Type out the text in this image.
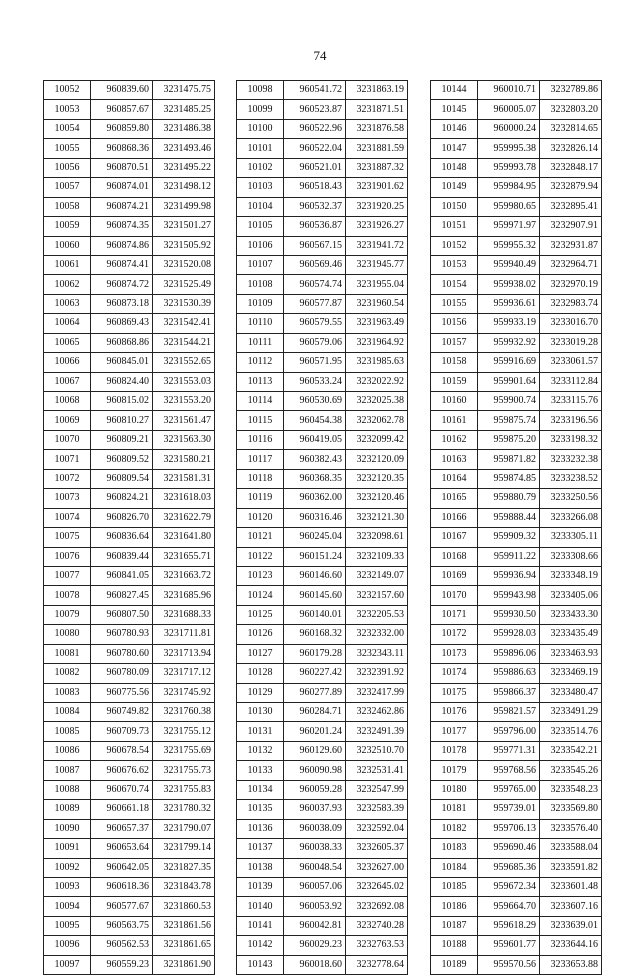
74
10052	960839.60	3231475.75
10053	960857.67	3231485.25
10054	960859.80	3231486.38
10055	960868.36	3231493.46
10056	960870.51	3231495.22
10057	960874.01	3231498.12
10058	960874.21	3231499.98
10059	960874.35	3231501.27
10060	960874.86	3231505.92
10061	960874.41	3231520.08
10062	960874.72	3231525.49
10063	960873.18	3231530.39
10064	960869.43	3231542.41
10065	960868.86	3231544.21
10066	960845.01	3231552.65
10067	960824.40	3231553.03
10068	960815.02	3231553.20
10069	960810.27	3231561.47
10070	960809.21	3231563.30
10071	960809.52	3231580.21
10072	960809.54	3231581.31
10073	960824.21	3231618.03
10074	960826.70	3231622.79
10075	960836.64	3231641.80
10076	960839.44	3231655.71
10077	960841.05	3231663.72
10078	960827.45	3231685.96
10079	960807.50	3231688.33
10080	960780.93	3231711.81
10081	960780.60	3231713.94
10082	960780.09	3231717.12
10083	960775.56	3231745.92
10084	960749.82	3231760.38
10085	960709.73	3231755.12
10086	960678.54	3231755.69
10087	960676.62	3231755.73
10088	960670.74	3231755.83
10089	960661.18	3231780.32
10090	960657.37	3231790.07
10091	960653.64	3231799.14
10092	960642.05	3231827.35
10093	960618.36	3231843.78
10094	960577.67	3231860.53
10095	960563.75	3231861.56
10096	960562.53	3231861.65
10097	960559.23	3231861.90
10098	960541.72	3231863.19
10099	960523.87	3231871.51
10100	960522.96	3231876.58
10101	960522.04	3231881.59
10102	960521.01	3231887.32
10103	960518.43	3231901.62
10104	960532.37	3231920.25
10105	960536.87	3231926.27
10106	960567.15	3231941.72
10107	960569.46	3231945.77
10108	960574.74	3231955.04
10109	960577.87	3231960.54
10110	960579.55	3231963.49
10111	960579.06	3231964.92
10112	960571.95	3231985.63
10113	960533.24	3232022.92
10114	960530.69	3232025.38
10115	960454.38	3232062.78
10116	960419.05	3232099.42
10117	960382.43	3232120.09
10118	960368.35	3232120.35
10119	960362.00	3232120.46
10120	960316.46	3232121.30
10121	960245.04	3232098.61
10122	960151.24	3232109.33
10123	960146.60	3232149.07
10124	960145.60	3232157.60
10125	960140.01	3232205.53
10126	960168.32	3232332.00
10127	960179.28	3232343.11
10128	960227.42	3232391.92
10129	960277.89	3232417.99
10130	960284.71	3232462.86
10131	960201.24	3232491.39
10132	960129.60	3232510.70
10133	960090.98	3232531.41
10134	960059.28	3232547.99
10135	960037.93	3232583.39
10136	960038.09	3232592.04
10137	960038.33	3232605.37
10138	960048.54	3232627.00
10139	960057.06	3232645.02
10140	960053.92	3232692.08
10141	960042.81	3232740.28
10142	960029.23	3232763.53
10143	960018.60	3232778.64
10144	960010.71	3232789.86
10145	960005.07	3232803.20
10146	960000.24	3232814.65
10147	959995.38	3232826.14
10148	959993.78	3232848.17
10149	959984.95	3232879.94
10150	959980.65	3232895.41
10151	959971.97	3232907.91
10152	959955.32	3232931.87
10153	959940.49	3232964.71
10154	959938.02	3232970.19
10155	959936.61	3232983.74
10156	959933.19	3233016.70
10157	959932.92	3233019.28
10158	959916.69	3233061.57
10159	959901.64	3233112.84
10160	959900.74	3233115.76
10161	959875.74	3233196.56
10162	959875.20	3233198.32
10163	959871.82	3233232.38
10164	959874.85	3233238.52
10165	959880.79	3233250.56
10166	959888.44	3233266.08
10167	959909.32	3233305.11
10168	959911.22	3233308.66
10169	959936.94	3233348.19
10170	959943.98	3233405.06
10171	959930.50	3233433.30
10172	959928.03	3233435.49
10173	959896.06	3233463.93
10174	959886.63	3233469.19
10175	959866.37	3233480.47
10176	959821.57	3233491.29
10177	959796.00	3233514.76
10178	959771.31	3233542.21
10179	959768.56	3233545.26
10180	959765.00	3233548.23
10181	959739.01	3233569.80
10182	959706.13	3233576.40
10183	959690.46	3233588.04
10184	959685.36	3233591.82
10185	959672.34	3233601.48
10186	959664.70	3233607.16
10187	959618.29	3233639.01
10188	959601.77	3233644.16
10189	959570.56	3233653.88
